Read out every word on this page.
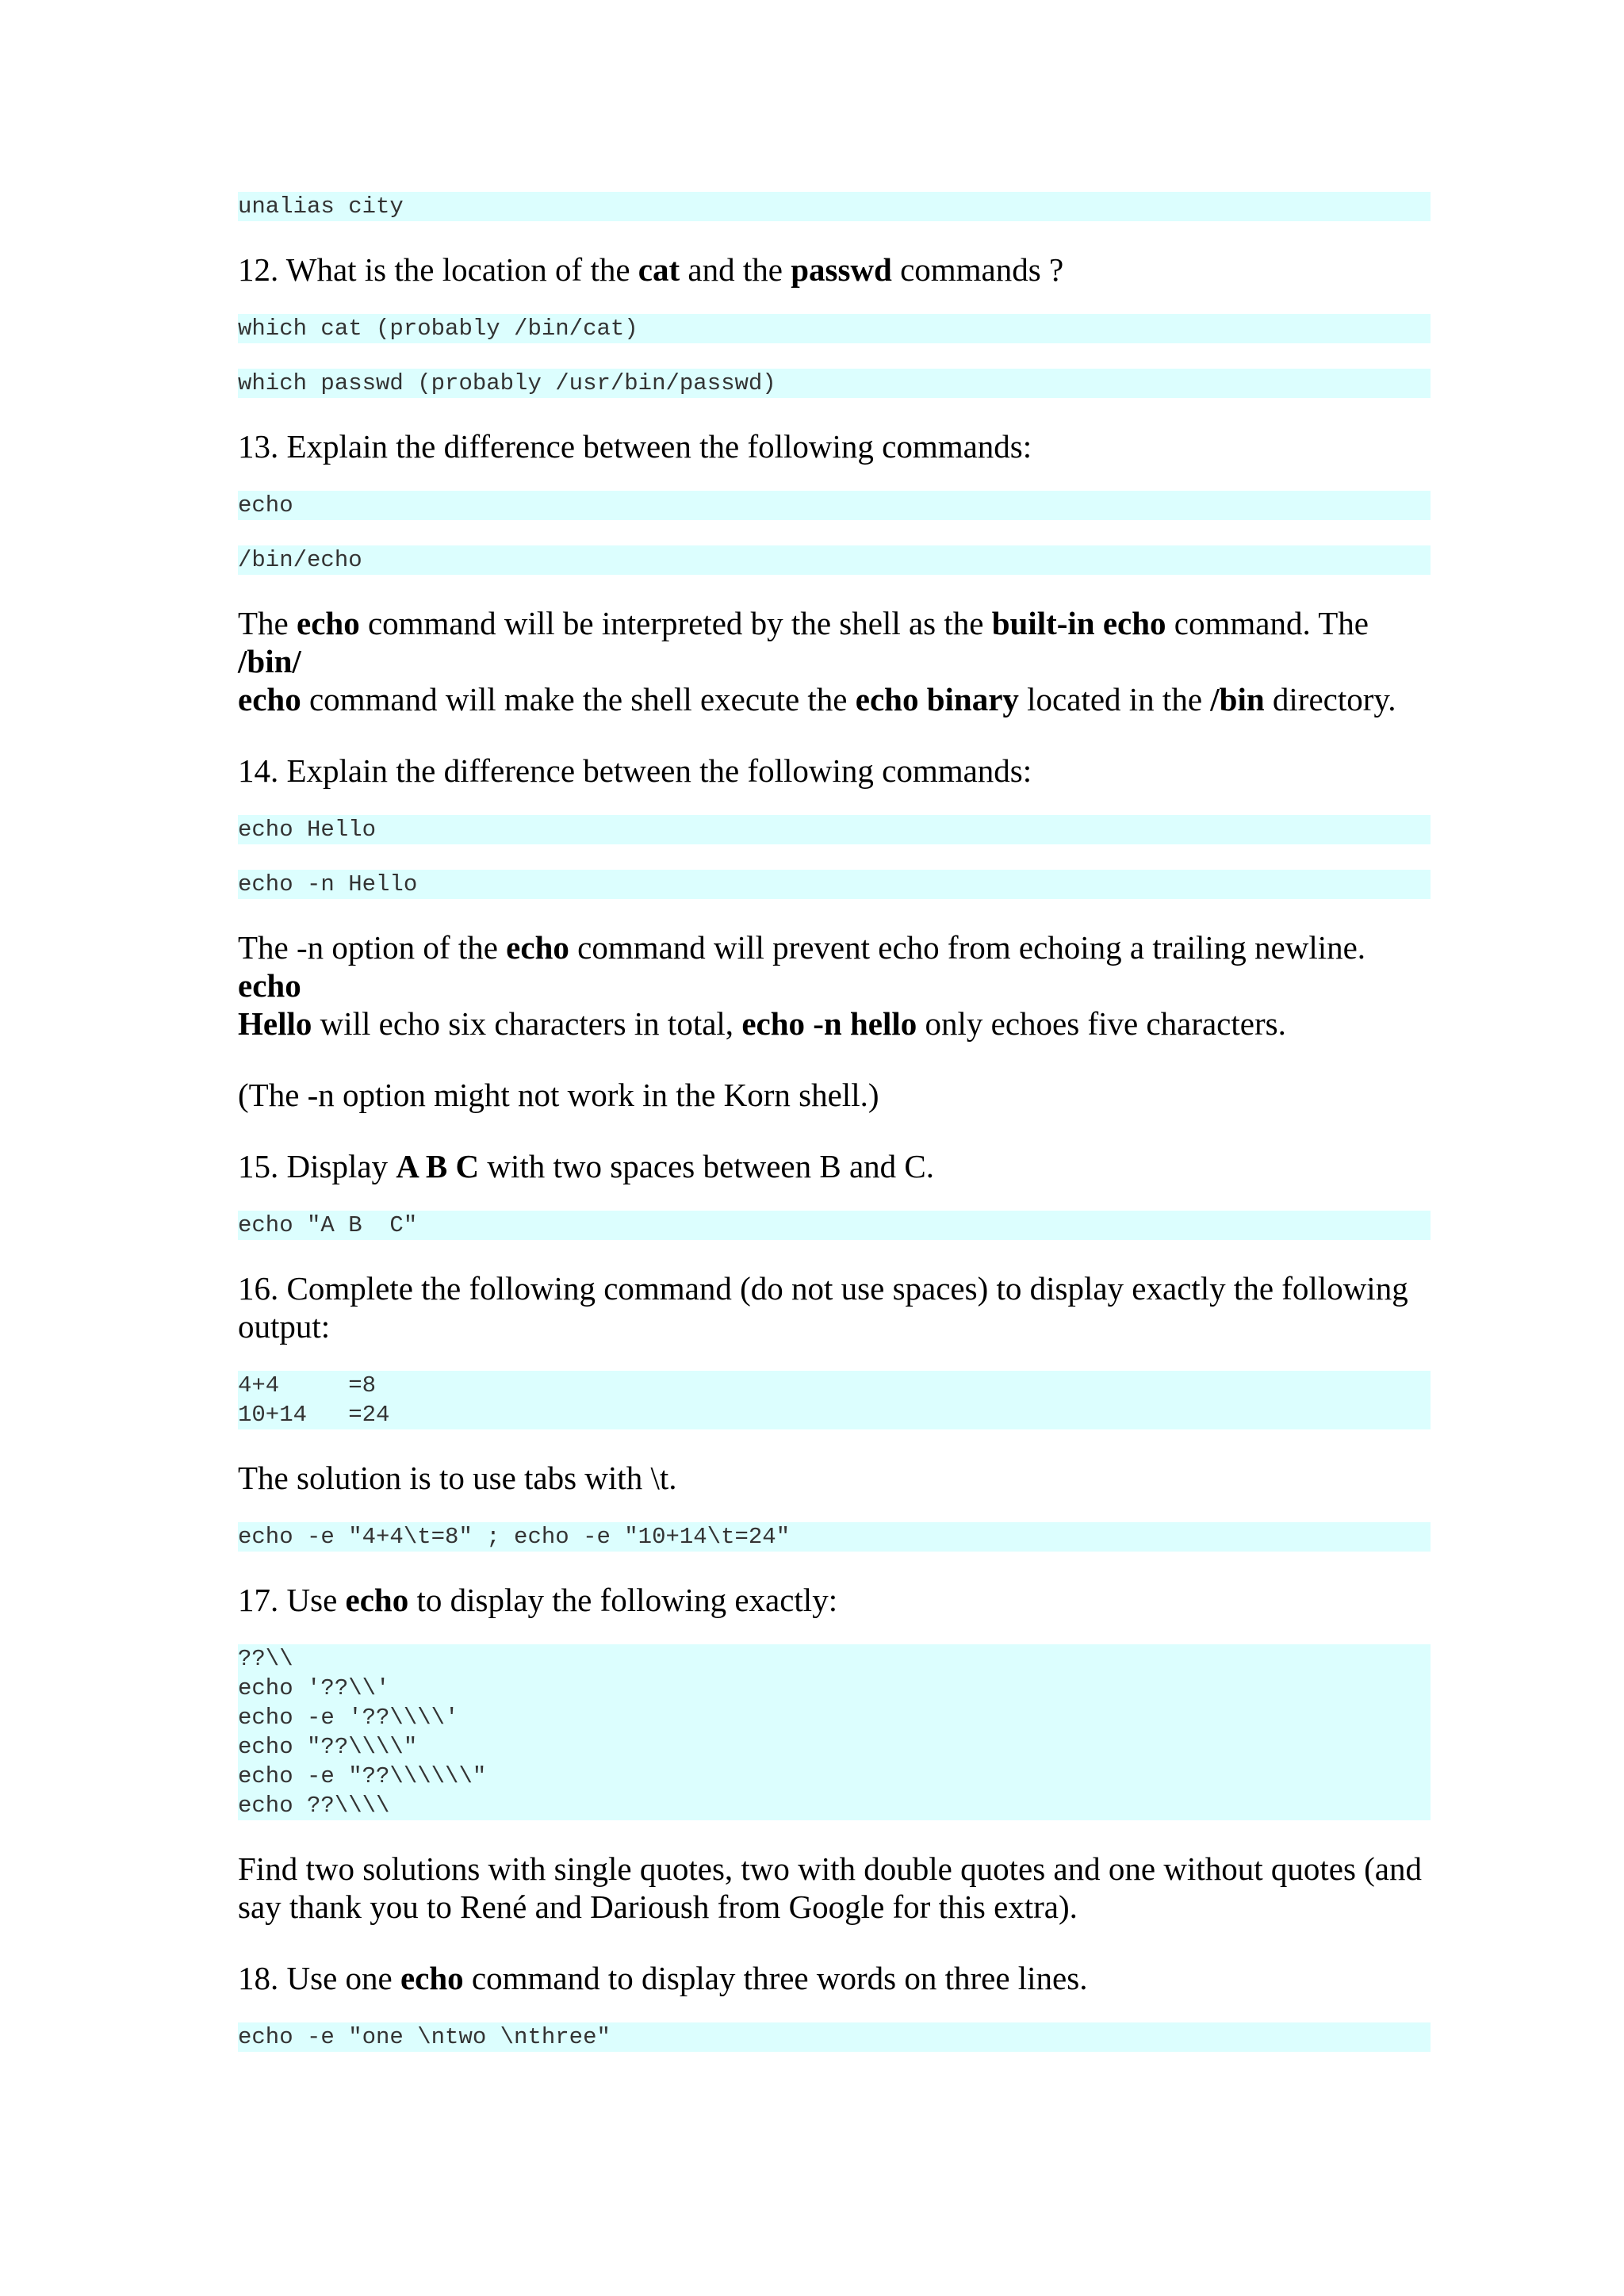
unalias city

12. What is the location of the cat and the passwd commands ?

which cat (probably /bin/cat)
which passwd (probably /usr/bin/passwd)

13. Explain the difference between the following commands:

echo
/bin/echo

The echo command will be interpreted by the shell as the built-in echo command. The /bin/
echo command will make the shell execute the echo binary located in the /bin directory.

14. Explain the difference between the following commands:

echo Hello
echo -n Hello

The -n option of the echo command will prevent echo from echoing a trailing newline. echo
Hello will echo six characters in total, echo -n hello only echoes five characters.

(The -n option might not work in the Korn shell.)

15. Display A B C with two spaces between B and C.

echo "A B  C"

16. Complete the following command (do not use spaces) to display exactly the following output:

4+4     =8
10+14   =24

The solution is to use tabs with \t.

echo -e "4+4\t=8" ; echo -e "10+14\t=24"

17. Use echo to display the following exactly:

??\\
echo '??\\'
echo -e '??\\\\'
echo "??\\\\"
echo -e "??\\\\\\"
echo ??\\\\

Find two solutions with single quotes, two with double quotes and one without quotes (and say thank you to René and Darioush from Google for this extra).

18. Use one echo command to display three words on three lines.

echo -e "one \ntwo \nthree"
